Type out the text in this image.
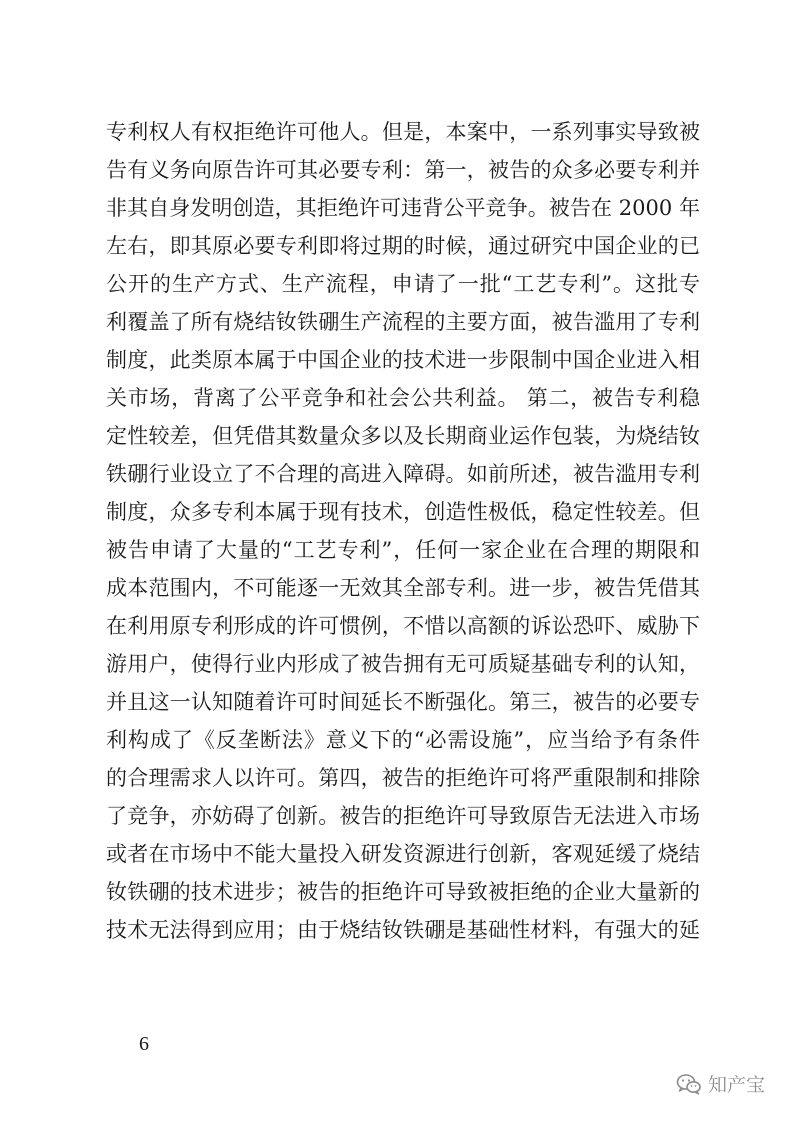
专利权人有权拒绝许可他人。但是，本案中，一系列事实导致被
告有义务向原告许可其必要专利：第一，被告的众多必要专利并
非其自身发明创造，其拒绝许可违背公平竞争。被告在 2000 年
左右，即其原必要专利即将过期的时候，通过研究中国企业的已
公开的生产方式、生产流程，申请了一批“工艺专利”。这批专
利覆盖了所有烧结钕铁硼生产流程的主要方面，被告滥用了专利
制度，此类原本属于中国企业的技术进一步限制中国企业进入相
关市场，背离了公平竞争和社会公共利益。 第二，被告专利稳
定性较差，但凭借其数量众多以及长期商业运作包装，为烧结钕
铁硼行业设立了不合理的高进入障碍。如前所述，被告滥用专利
制度，众多专利本属于现有技术，创造性极低，稳定性较差。但
被告申请了大量的“工艺专利”，任何一家企业在合理的期限和
成本范围内，不可能逐一无效其全部专利。进一步，被告凭借其
在利用原专利形成的许可惯例，不惜以高额的诉讼恐吓、威胁下
游用户，使得行业内形成了被告拥有无可质疑基础专利的认知，
并且这一认知随着许可时间延长不断强化。第三，被告的必要专
利构成了《反垄断法》意义下的“必需设施”，应当给予有条件
的合理需求人以许可。第四，被告的拒绝许可将严重限制和排除
了竞争，亦妨碍了创新。被告的拒绝许可导致原告无法进入市场
或者在市场中不能大量投入研发资源进行创新，客观延缓了烧结
钕铁硼的技术进步；被告的拒绝许可导致被拒绝的企业大量新的
技术无法得到应用；由于烧结钕铁硼是基础性材料，有强大的延
6
知产宝
